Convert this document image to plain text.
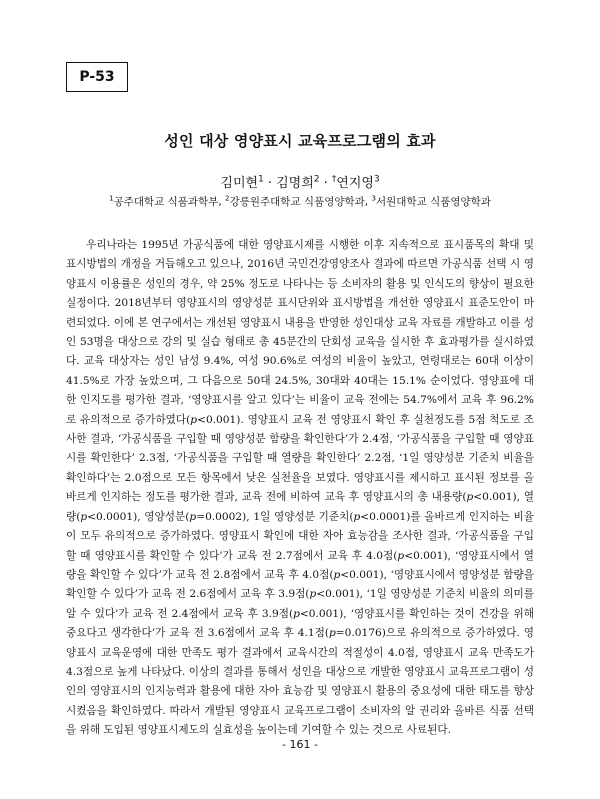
P-53
성인 대상 영양표시 교육프로그램의 효과
김미현$^1$ · 김명희$^2$ · †연지영$^3$
$^1$공주대학교 식품과학부, $^2$강릉원주대학교 식품영양학과, $^3$서원대학교 식품영양학과

우리나라는 1995년 가공식품에 대한 영양표시제를 시행한 이후 지속적으로 표시품목의 확대 및 표시방법의 개정을 거듭해오고 있으나, 2016년 국민건강영양조사 결과에 따르면 가공식품 선택 시 영양표시 이용률은 성인의 경우, 약 25% 정도로 나타나는 등 소비자의 활용 및 인식도의 향상이 필요한 실정이다. 2018년부터 영양표시의 영양성분 표시단위와 표시방법을 개선한 영양표시 표준도안이 마련되었다. 이에 본 연구에서는 개선된 영양표시 내용을 반영한 성인대상 교육 자료를 개발하고 이를 성인 53명을 대상으로 강의 및 실습 형태로 총 45분간의 단회성 교육을 실시한 후 효과평가를 실시하였다. 교육 대상자는 성인 남성 9.4%, 여성 90.6%로 여성의 비율이 높았고, 연령대로는 60대 이상이 41.5%로 가장 높았으며, 그 다음으로 50대 24.5%, 30대와 40대는 15.1% 순이었다. 영양표에 대한 인지도를 평가한 결과, ‘영양표시를 알고 있다’는 비율이 교육 전에는 54.7%에서 교육 후 96.2%로 유의적으로 증가하였다(p<0.001). 영양표시 교육 전 영양표시 확인 후 실천정도를 5점 척도로 조사한 결과, ‘가공식품을 구입할 때 영양성분 함량을 확인한다’가 2.4점, ‘가공식품을 구입할 때 영양표시를 확인한다’ 2.3점, ‘가공식품을 구입할 때 열량을 확인한다’ 2.2점, ‘1일 영양성분 기준치 비율을 확인하다’는 2.0점으로 모든 항목에서 낮은 실천율을 보였다. 영양표시를 제시하고 표시된 정보를 올바르게 인지하는 정도를 평가한 결과, 교육 전에 비하여 교육 후 영양표시의 총 내용량(p<0.001), 열량(p<0.0001), 영양성분(p=0.0002), 1일 영양성분 기준치(p<0.0001)를 올바르게 인지하는 비율이 모두 유의적으로 증가하였다. 영양표시 확인에 대한 자아 효능감을 조사한 결과, ‘가공식품을 구입할 때 영양표시를 확인할 수 있다’가 교육 전 2.7점에서 교육 후 4.0점(p<0.001), ‘영양표시에서 열량을 확인할 수 있다’가 교육 전 2.8점에서 교육 후 4.0점(p<0.001), ‘영양표시에서 영양성분 함량을 확인할 수 있다’가 교육 전 2.6점에서 교육 후 3.9점(p<0.001), ‘1일 영양성분 기준치 비율의 의미를 알 수 있다’가 교육 전 2.4점에서 교육 후 3.9점(p<0.001), ‘영양표시를 확인하는 것이 건강을 위해 중요다고 생각한다’가 교육 전 3.6점에서 교육 후 4.1점(p=0.0176)으로 유의적으로 증가하였다. 영양표시 교육운영에 대한 만족도 평가 결과에서 교육시간의 적절성이 4.0점, 영양표시 교육 만족도가 4.3점으로 높게 나타났다. 이상의 결과를 통해서 성인을 대상으로 개발한 영양표시 교육프로그램이 성인의 영양표시의 인지능력과 활용에 대한 자아 효능감 및 영양표시 활용의 중요성에 대한 태도를 향상시켰음을 확인하였다. 따라서 개발된 영양표시 교육프로그램이 소비자의 알 권리와 올바른 식품 선택을 위해 도입된 영양표시제도의 실효성을 높이는데 기여할 수 있는 것으로 사료된다.

- 161 -
